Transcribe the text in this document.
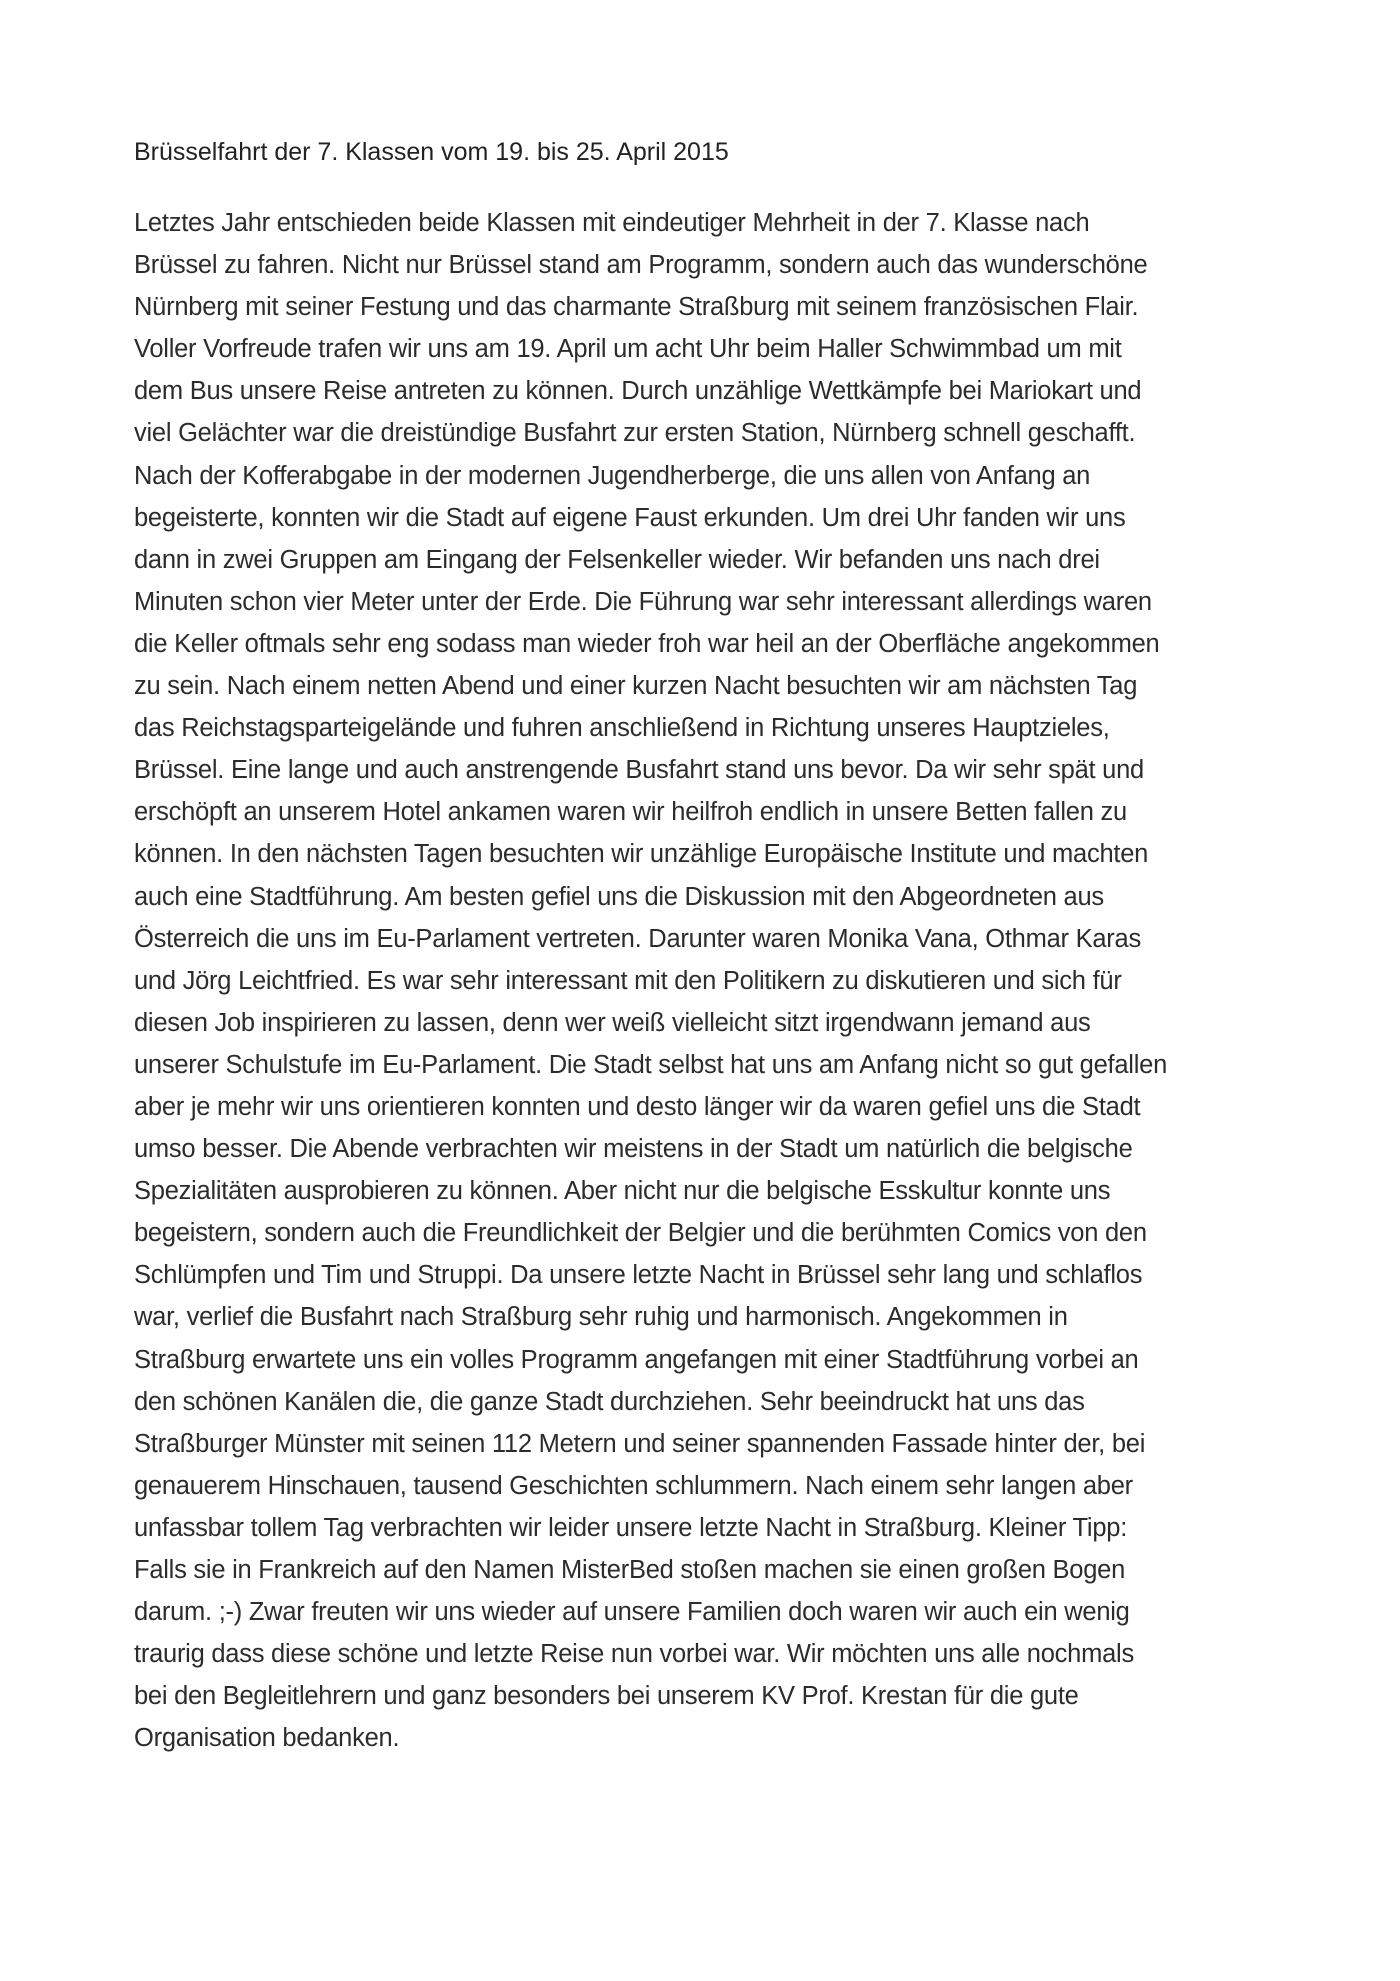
Brüsselfahrt der 7. Klassen vom 19. bis 25. April 2015
Letztes Jahr entschieden beide Klassen mit eindeutiger Mehrheit in der 7. Klasse nach
Brüssel zu fahren. Nicht nur Brüssel stand am Programm, sondern auch das wunderschöne
Nürnberg mit seiner Festung und das charmante Straßburg mit seinem französischen Flair.
Voller Vorfreude trafen wir uns am 19. April um acht Uhr beim Haller Schwimmbad um mit
dem Bus unsere Reise antreten zu können. Durch unzählige Wettkämpfe bei Mariokart und
viel Gelächter war die dreistündige Busfahrt zur ersten Station, Nürnberg schnell geschafft.
Nach der Kofferabgabe in der modernen Jugendherberge, die uns allen von Anfang an
begeisterte, konnten wir die Stadt auf eigene Faust erkunden. Um drei Uhr fanden wir uns
dann in zwei Gruppen am Eingang der Felsenkeller wieder. Wir befanden uns nach drei
Minuten schon vier Meter unter der Erde. Die Führung war sehr interessant allerdings waren
die Keller oftmals sehr eng sodass man wieder froh war heil an der Oberfläche angekommen
zu sein. Nach einem netten Abend und einer kurzen Nacht besuchten wir am nächsten Tag
das Reichstagsparteigelände und fuhren anschließend in Richtung unseres Hauptzieles,
Brüssel. Eine lange und auch anstrengende Busfahrt stand uns bevor. Da wir sehr spät und
erschöpft an unserem Hotel ankamen waren wir heilfroh endlich in unsere Betten fallen zu
können. In den nächsten Tagen besuchten wir unzählige Europäische Institute und machten
auch eine Stadtführung. Am besten gefiel uns die Diskussion mit den Abgeordneten aus
Österreich die uns im Eu-Parlament vertreten. Darunter waren Monika Vana, Othmar Karas
und Jörg Leichtfried. Es war sehr interessant mit den Politikern zu diskutieren und sich für
diesen Job inspirieren zu lassen, denn wer weiß vielleicht sitzt irgendwann jemand aus
unserer Schulstufe im Eu-Parlament. Die Stadt selbst hat uns am Anfang nicht so gut gefallen
aber je mehr wir uns orientieren konnten und desto länger wir da waren gefiel uns die Stadt
umso besser. Die Abende verbrachten wir meistens in der Stadt um natürlich die belgische
Spezialitäten ausprobieren zu können. Aber nicht nur die belgische Esskultur konnte uns
begeistern, sondern auch die Freundlichkeit der Belgier und die berühmten Comics von den
Schlümpfen und Tim und Struppi. Da unsere letzte Nacht in Brüssel sehr lang und schlaflos
war, verlief die Busfahrt nach Straßburg sehr ruhig und harmonisch. Angekommen in
Straßburg erwartete uns ein volles Programm angefangen mit einer Stadtführung vorbei an
den schönen Kanälen die, die ganze Stadt durchziehen. Sehr beeindruckt hat uns das
Straßburger Münster mit seinen 112 Metern und seiner spannenden Fassade hinter der, bei
genauerem Hinschauen, tausend Geschichten schlummern. Nach einem sehr langen aber
unfassbar tollem Tag verbrachten wir leider unsere letzte Nacht in Straßburg. Kleiner Tipp:
Falls sie in Frankreich auf den Namen MisterBed stoßen machen sie einen großen Bogen
darum. ;-) Zwar freuten wir uns wieder auf unsere Familien doch waren wir auch ein wenig
traurig dass diese schöne und letzte Reise nun vorbei war. Wir möchten uns alle nochmals
bei den Begleitlehrern und ganz besonders bei unserem KV Prof. Krestan für die gute
Organisation bedanken.
